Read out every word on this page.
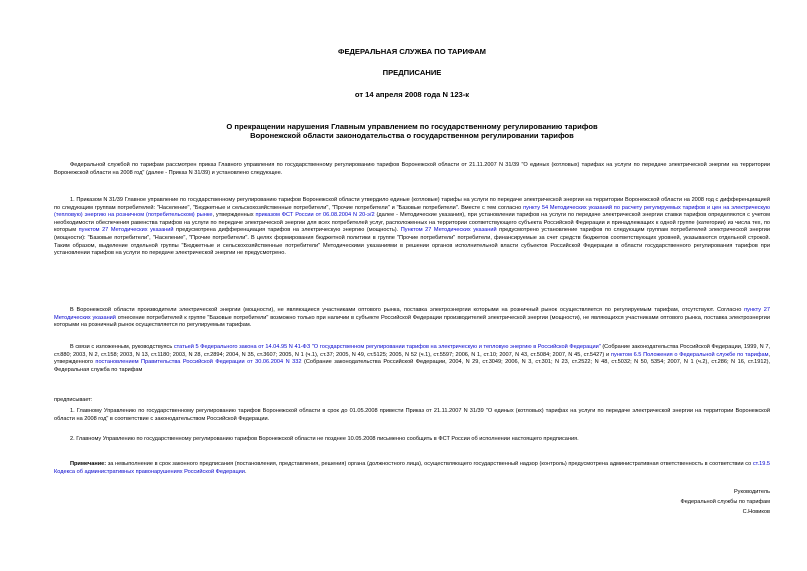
ФЕДЕРАЛЬНАЯ СЛУЖБА ПО ТАРИФАМ
ПРЕДПИСАНИЕ
от 14 апреля 2008 года N 123-к
О прекращении нарушения Главным управлением по государственному регулированию тарифов
Воронежской области законодательства о государственном регулировании тарифов
Федеральной службой по тарифам рассмотрен приказ Главного управления по государственному регулированию тарифов Воронежской области от 21.11.2007 N 31/39 "О единых (котловых) тарифах на услуги по передаче электрической энергии на территории Воронежской области на 2008 год" (далее - Приказ N 31/39) и установлено следующее.
1. Приказом N 31/39 Главное управление по государственному регулированию тарифов Воронежской области утвердило единые (котловые) тарифы на услуги по передаче электрической энергии на территории Воронежской области на 2008 год с дифференциацией по следующим группам потребителей: "Население", "Бюджетные и сельскохозяйственные потребители", "Прочие потребители" и "Базовые потребители". Вместе с тем согласно пункту 54 Методических указаний по расчету регулируемых тарифов и цен на электрическую (тепловую) энергию на розничном (потребительском) рынке, утвержденных приказом ФСТ России от 06.08.2004 N 20-э/2 (далее - Методические указания), при установлении тарифов на услуги по передаче электрической энергии ставки тарифов определяются с учетом необходимости обеспечения равенства тарифов на услуги по передаче электрической энергии для всех потребителей услуг, расположенных на территории соответствующего субъекта Российской Федерации и принадлежащих к одной группе (категории) из числа тех, по которым пунктом 27 Методических указаний предусмотрена дифференциация тарифов на электрическую энергию (мощность). Пунктом 27 Методических указаний предусмотрено установление тарифов по следующим группам потребителей электрической энергии (мощности): "Базовые потребители", "Население", "Прочие потребители". В целях формирования бюджетной политики в группе "Прочие потребители" потребители, финансируемые за счет средств бюджетов соответствующих уровней, указываются отдельной строкой. Таким образом, выделение отдельной группы "Бюджетные и сельскохозяйственные потребители" Методическими указаниями в решении органов исполнительной власти субъектов Российской Федерации в области государственного регулирования тарифов при установлении тарифов на услуги по передаче электрической энергии не предусмотрено.
В Воронежской области производители электрической энергии (мощности), не являющиеся участниками оптового рынка, поставка электроэнергии которыми на розничный рынок осуществляется по регулируемым тарифам, отсутствуют. Согласно пункту 27 Методических указаний отнесение потребителей к группе "Базовые потребители" возможно только при наличии в субъекте Российской Федерации производителей электрической энергии (мощности), не являющихся участниками оптового рынка, поставка электроэнергии которыми на розничный рынок осуществляется по регулируемым тарифам.
В связи с изложенным, руководствуясь статьей 5 Федерального закона от 14.04.95 N 41-ФЗ "О государственном регулировании тарифов на электрическую и тепловую энергию в Российской Федерации" (Собрание законодательства Российской Федерации, 1999, N 7, ст.880; 2003, N 2, ст.158; 2003, N 13, ст.1180; 2003, N 28, ст.2894; 2004, N 35, ст.3607; 2005, N 1 (ч.1), ст.37; 2005, N 49, ст.5125; 2005, N 52 (ч.1), ст.5597; 2006, N 1, ст.10; 2007, N 43, ст.5084; 2007, N 45, ст.5427) и пунктом 6.5 Положения о Федеральной службе по тарифам, утвержденного постановлением Правительства Российской Федерации от 30.06.2004 N 332 (Собрание законодательства Российской Федерации, 2004, N 29, ст.3049; 2006, N 3, ст.301; N 23, ст.2522; N 48, ст.5032; N 50, 5354; 2007, N 1 (ч.2), ст.286; N 16, ст.1912), Федеральная служба по тарифам
предписывает:
1. Главному Управлению по государственному регулированию тарифов Воронежской области в срок до 01.05.2008 привести Приказ от 21.11.2007 N 31/39 "О единых (котловых) тарифах на услуги по передаче электрической энергии на территории Воронежской области на 2008 год" в соответствие с законодательством Российской Федерации.
2. Главному Управлению по государственному регулированию тарифов Воронежской области не позднее 10.05.2008 письменно сообщить в ФСТ России об исполнении настоящего предписания.
Примечание: за невыполнение в срок законного предписания (постановления, представления, решения) органа (должностного лица), осуществляющего государственный надзор (контроль) предусмотрена административная ответственность в соответствии со ст.19.5 Кодекса об административных правонарушениях Российской Федерации.
Руководитель
Федеральной службы по тарифам
С.Новиков
